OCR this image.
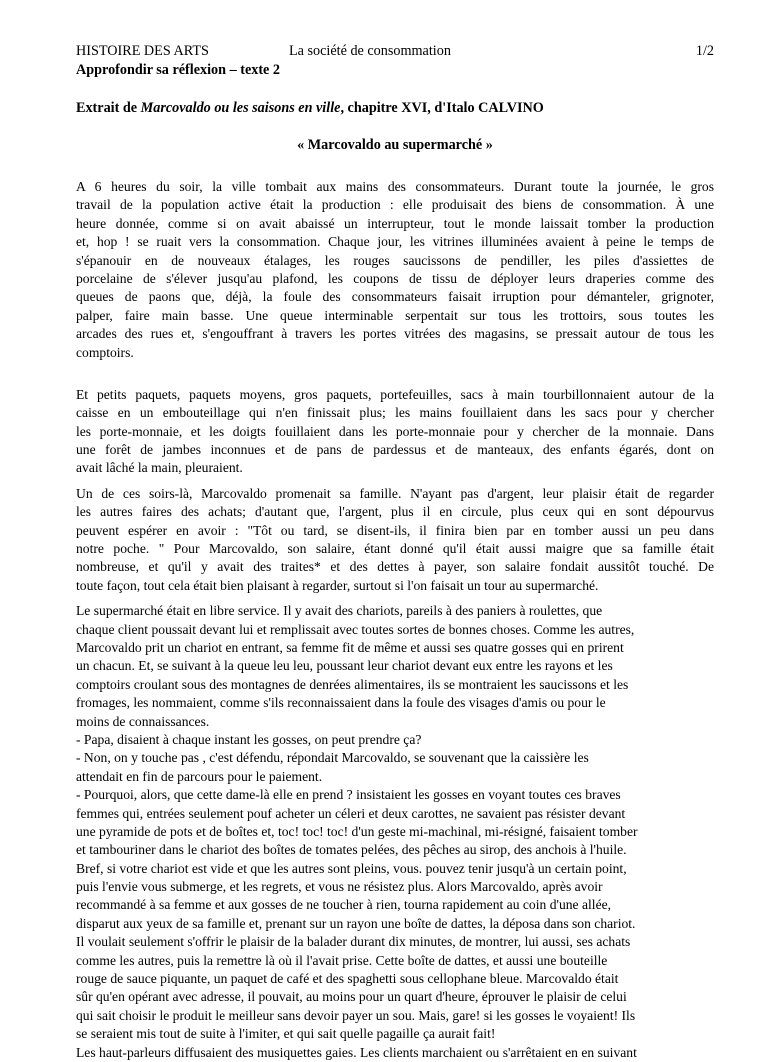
HISTOIRE DES ARTS	La société de consommation	1/2
Approfondir sa réflexion – texte 2
Extrait de Marcovaldo ou les saisons en ville, chapitre XVI, d'Italo CALVINO
« Marcovaldo au supermarché »
A 6 heures du soir, la ville tombait aux mains des consommateurs. Durant toute la journée, le gros
travail de la population active était la production : elle produisait des biens de consommation. À une
heure donnée, comme si on avait abaissé un interrupteur, tout le monde laissait tomber la production
et, hop ! se ruait vers la consommation. Chaque jour, les vitrines illuminées avaient à peine le temps de
s'épanouir en de nouveaux étalages, les rouges saucissons de pendiller, les piles d'assiettes de
porcelaine de s'élever jusqu'au plafond, les coupons de tissu de déployer leurs draperies comme des
queues de paons que, déjà, la foule des consommateurs faisait irruption pour démanteler, grignoter,
palper, faire main basse. Une queue interminable serpentait sur tous les trottoirs, sous toutes les
arcades des rues et, s'engouffrant à travers les portes vitrées des magasins, se pressait autour de tous les
comptoirs.
Et petits paquets, paquets moyens, gros paquets, portefeuilles, sacs à main tourbillonnaient autour de la
caisse en un embouteillage qui n'en finissait plus; les mains fouillaient dans les sacs pour y chercher
les porte-monnaie, et les doigts fouillaient dans les porte-monnaie pour y chercher de la monnaie. Dans
une forêt de jambes inconnues et de pans de pardessus et de manteaux, des enfants égarés, dont on
avait lâché la main, pleuraient.
Un de ces soirs-là, Marcovaldo promenait sa famille. N'ayant pas d'argent, leur plaisir était de regarder
les autres faires des achats; d'autant que, l'argent, plus il en circule, plus ceux qui en sont dépourvus
peuvent espérer en avoir : "Tôt ou tard, se disent-ils, il finira bien par en tomber aussi un peu dans
notre poche. " Pour Marcovaldo, son salaire, étant donné qu'il était aussi maigre que sa famille était
nombreuse, et qu'il y avait des traites* et des dettes à payer, son salaire fondait aussitôt touché. De
toute façon, tout cela était bien plaisant à regarder, surtout si l'on faisait un tour au supermarché.
Le supermarché était en libre service. Il y avait des chariots, pareils à des paniers à roulettes, que
chaque client poussait devant lui et remplissait avec toutes sortes de bonnes choses. Comme les autres,
Marcovaldo prit un chariot en entrant, sa femme fit de même et aussi ses quatre gosses qui en prirent
un chacun. Et, se suivant à la queue leu leu, poussant leur chariot devant eux entre les rayons et les
comptoirs croulant sous des montagnes de denrées alimentaires, ils se montraient les saucissons et les
fromages, les nommaient, comme s'ils reconnaissaient dans la foule des visages d'amis ou pour le
moins de connaissances.
- Papa, disaient à chaque instant les gosses, on peut prendre ça?
- Non, on y touche pas , c'est défendu, répondait Marcovaldo, se souvenant que la caissière les
attendait en fin de parcours pour le paiement.
- Pourquoi, alors, que cette dame-là elle en prend ? insistaient les gosses en voyant toutes ces braves
femmes qui, entrées seulement pouf acheter un céleri et deux carottes, ne savaient pas résister devant
une pyramide de pots et de boîtes et, toc! toc! toc! d'un geste mi-machinal, mi-résigné, faisaient tomber
et tambouriner dans le chariot des boîtes de tomates pelées, des pêches au sirop, des anchois à l'huile.
Bref, si votre chariot est vide et que les autres sont pleins, vous. pouvez tenir jusqu'à un certain point,
puis l'envie vous submerge, et les regrets, et vous ne résistez plus. Alors Marcovaldo, après avoir
recommandé à sa femme et aux gosses de ne toucher à rien, tourna rapidement au coin d'une allée,
disparut aux yeux de sa famille et, prenant sur un rayon une boîte de dattes, la déposa dans son chariot.
Il voulait seulement s'offrir le plaisir de la balader durant dix minutes, de montrer, lui aussi, ses achats
comme les autres, puis la remettre là où il l'avait prise. Cette boîte de dattes, et aussi une bouteille
rouge de sauce piquante, un paquet de café et des spaghetti sous cellophane bleue. Marcovaldo était
sûr qu'en opérant avec adresse, il pouvait, au moins pour un quart d'heure, éprouver le plaisir de celui
qui sait choisir le produit le meilleur sans devoir payer un sou. Mais, gare! si les gosses le voyaient! Ils
se seraient mis tout de suite à l'imiter, et qui sait quelle pagaille ça aurait fait!
Les haut-parleurs diffusaient des musiquettes gaies. Les clients marchaient ou s'arrêtaient en en suivant
